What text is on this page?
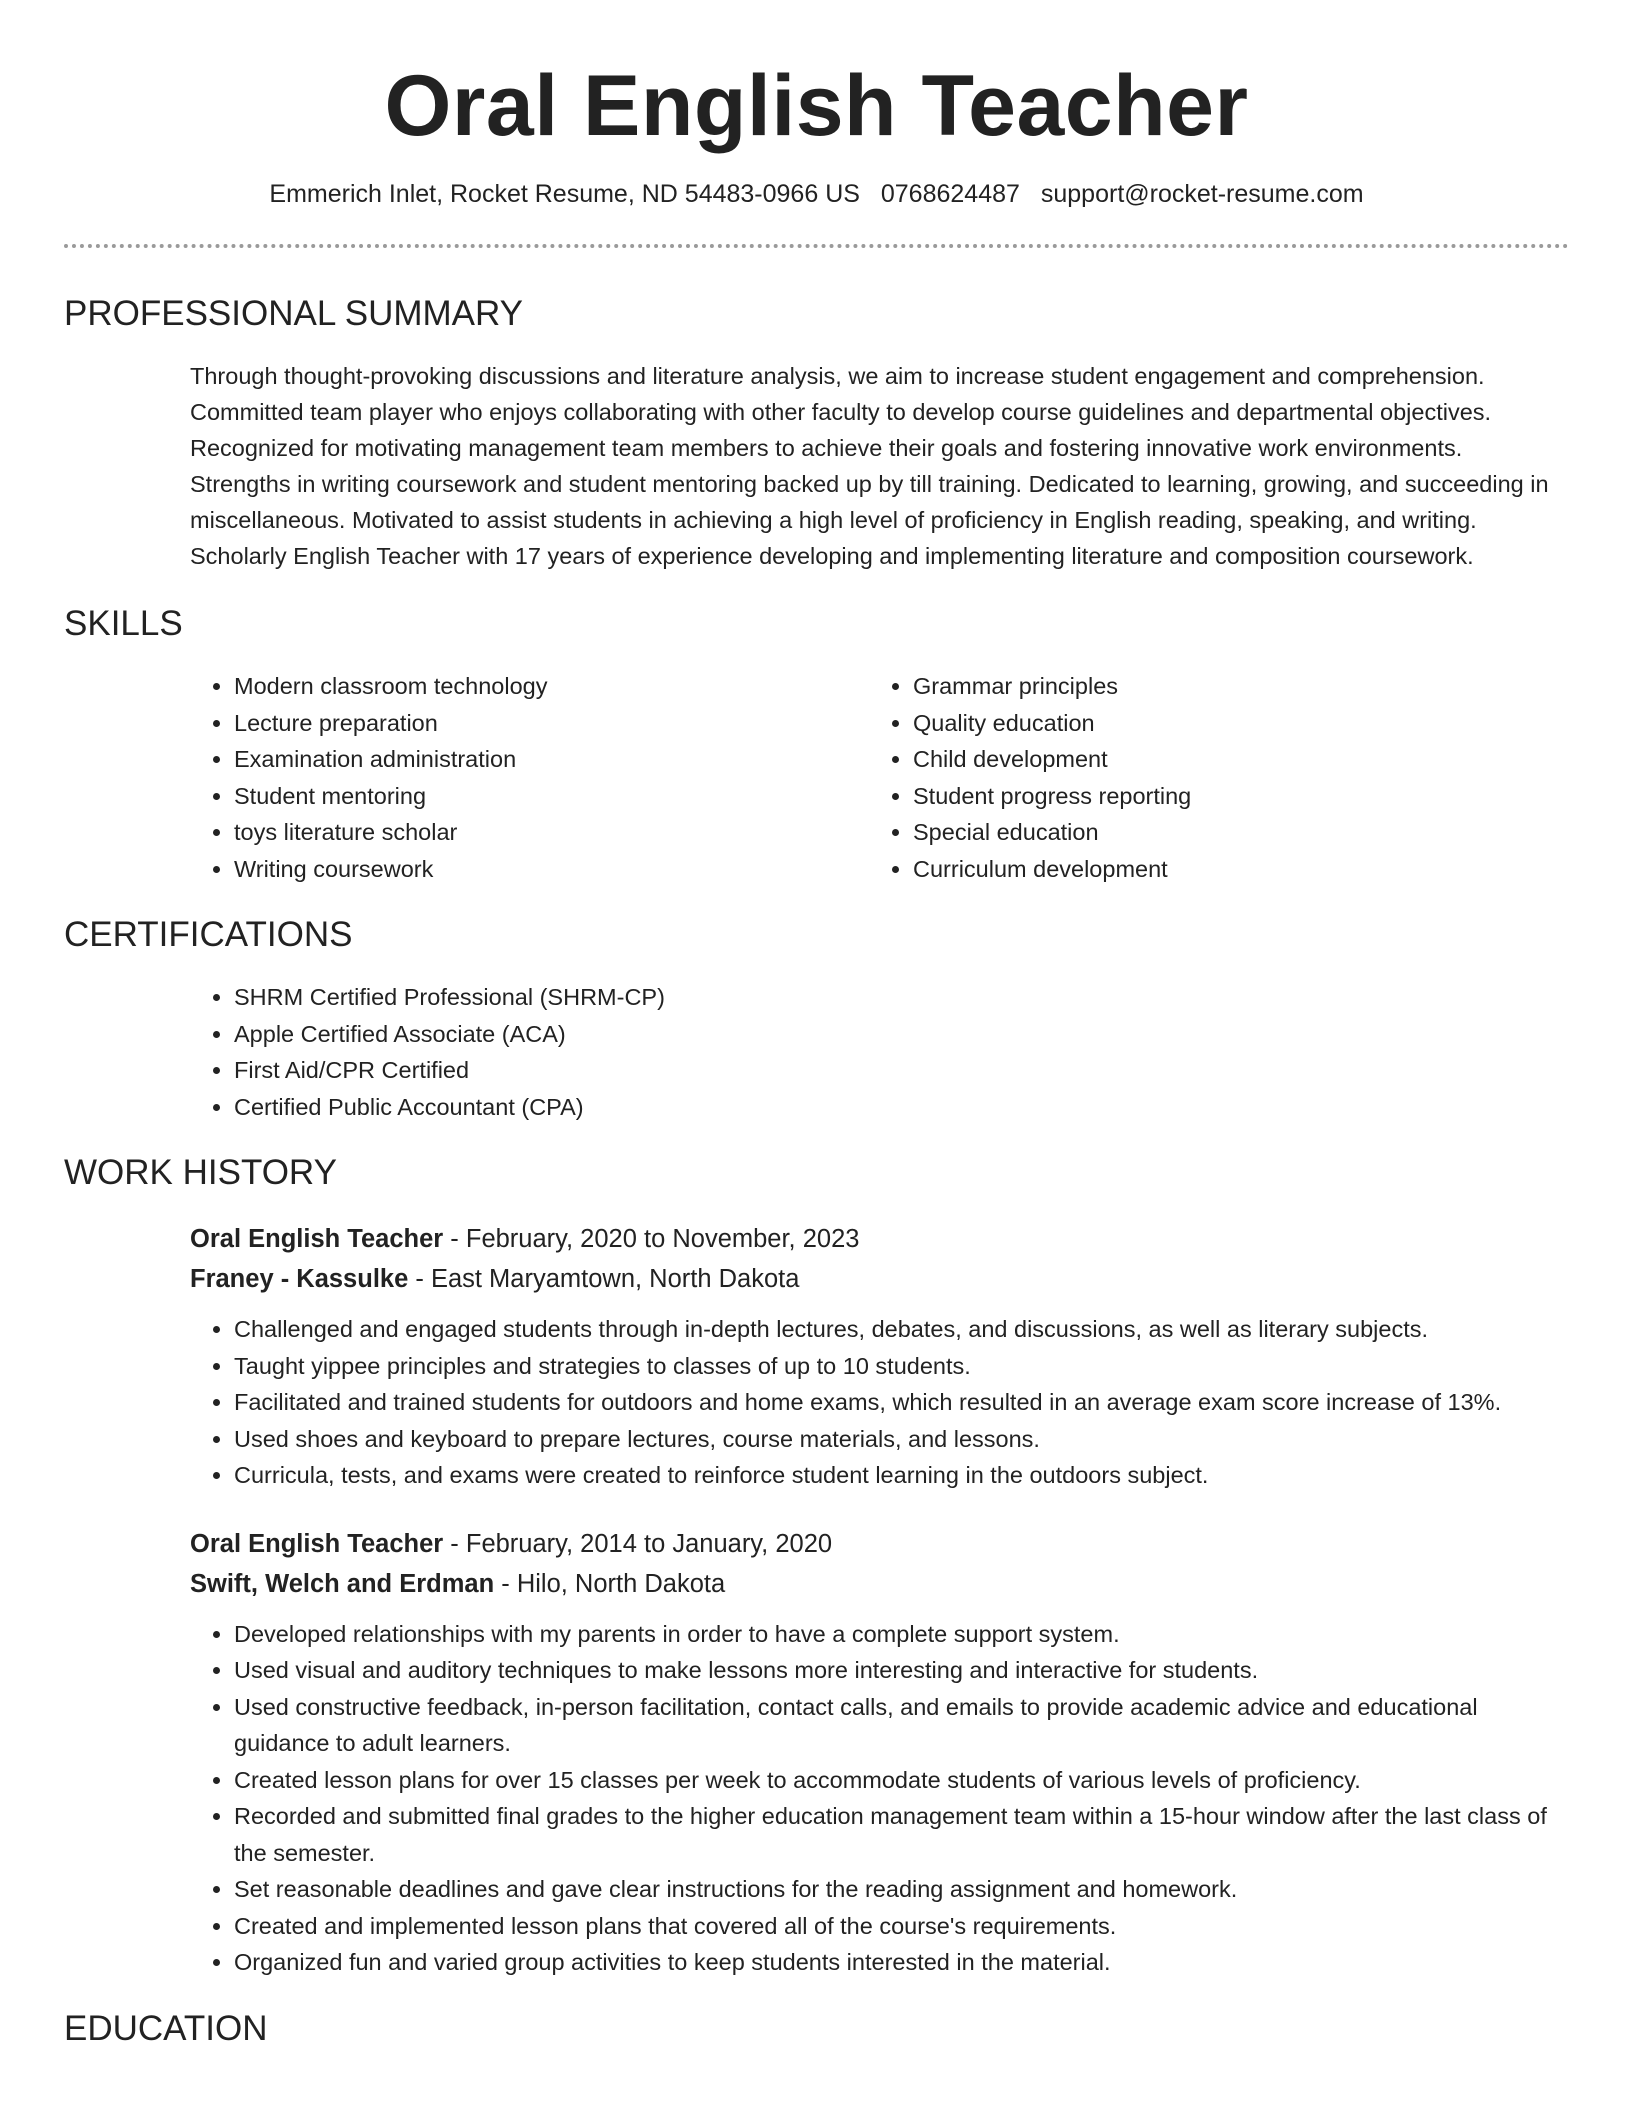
Oral English Teacher
Emmerich Inlet, Rocket Resume, ND 54483-0966 US 0768624487 support@rocket-resume.com
PROFESSIONAL SUMMARY

Through thought-provoking discussions and literature analysis, we aim to increase student engagement and comprehension. Committed team player who enjoys collaborating with other faculty to develop course guidelines and departmental objectives. Recognized for motivating management team members to achieve their goals and fostering innovative work environments. Strengths in writing coursework and student mentoring backed up by till training. Dedicated to learning, growing, and succeeding in miscellaneous. Motivated to assist students in achieving a high level of proficiency in English reading, speaking, and writing. Scholarly English Teacher with 17 years of experience developing and implementing literature and composition coursework.

SKILLS
• Modern classroom technology
• Lecture preparation
• Examination administration
• Student mentoring
• toys literature scholar
• Writing coursework
• Grammar principles
• Quality education
• Child development
• Student progress reporting
• Special education
• Curriculum development
CERTIFICATIONS
• SHRM Certified Professional (SHRM-CP)
• Apple Certified Associate (ACA)
• First Aid/CPR Certified
• Certified Public Accountant (CPA)
WORK HISTORY
Oral English Teacher - February, 2020 to November, 2023
Franey - Kassulke - East Maryamtown, North Dakota
• Challenged and engaged students through in-depth lectures, debates, and discussions, as well as literary subjects.
• Taught yippee principles and strategies to classes of up to 10 students.
• Facilitated and trained students for outdoors and home exams, which resulted in an average exam score increase of 13%.
• Used shoes and keyboard to prepare lectures, course materials, and lessons.
• Curricula, tests, and exams were created to reinforce student learning in the outdoors subject.
Oral English Teacher - February, 2014 to January, 2020
Swift, Welch and Erdman - Hilo, North Dakota
• Developed relationships with my parents in order to have a complete support system.
• Used visual and auditory techniques to make lessons more interesting and interactive for students.
• Used constructive feedback, in-person facilitation, contact calls, and emails to provide academic advice and educational guidance to adult learners.
• Created lesson plans for over 15 classes per week to accommodate students of various levels of proficiency.
• Recorded and submitted final grades to the higher education management team within a 15-hour window after the last class of the semester.
• Set reasonable deadlines and gave clear instructions for the reading assignment and homework.
• Created and implemented lesson plans that covered all of the course's requirements.
• Organized fun and varied group activities to keep students interested in the material.
EDUCATION
